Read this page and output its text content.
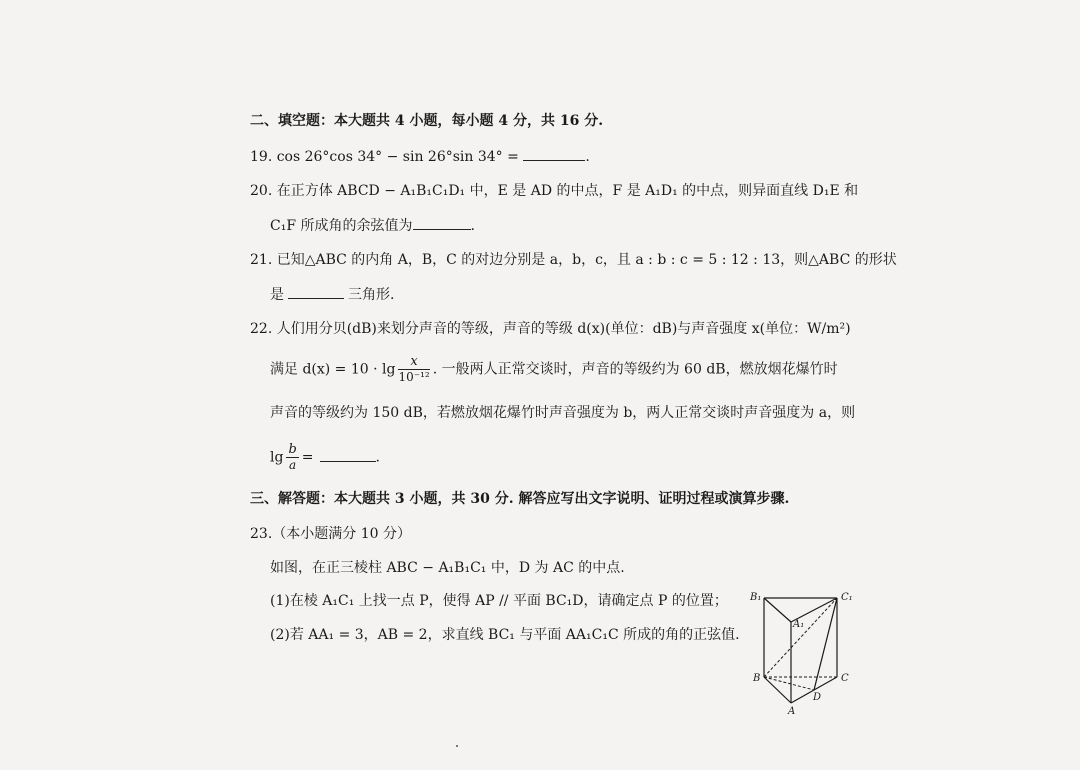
二、填空题：本大题共 4 小题，每小题 4 分，共 16 分.
19. cos 26°cos 34° − sin 26°sin 34° =	.
20. 在正方体 ABCD − A₁B₁C₁D₁ 中，E 是 AD 的中点，F 是 A₁D₁ 的中点，则异面直线 D₁E 和
C₁F 所成角的余弦值为	.
21. 已知△ABC 的内角 A，B，C 的对边分别是 a，b，c，且 a : b : c = 5 : 12 : 13，则△ABC 的形状
是	三角形.
22. 人们用分贝(dB)来划分声音的等级，声音的等级 d(x)(单位：dB)与声音强度 x(单位：W/m²)
满足 $d(x) = 10 \cdot \lg \frac{x}{\text{10⁻¹²}}$ . 一般两人正常交谈时，声音的等级约为 60 dB，燃放烟花爆竹时
声音的等级约为 150 dB，若燃放烟花爆竹时声音强度为 b，两人正常交谈时声音强度为 a，则
$\lg \frac{b}{a}$ =	.
三、解答题：本大题共 3 小题，共 30 分. 解答应写出文字说明、证明过程或演算步骤.
23.（本小题满分 10 分）
如图，在正三棱柱 ABC − A₁B₁C₁ 中，D 为 AC 的中点.
(1)在棱 A₁C₁ 上找一点 P，使得 AP // 平面 BC₁D，请确定点 P 的位置；
(2)若 AA₁ = 3，AB = 2，求直线 BC₁ 与平面 AA₁C₁C 所成的角的正弦值.
B₁	C₁
A₁
B	C
A
D
